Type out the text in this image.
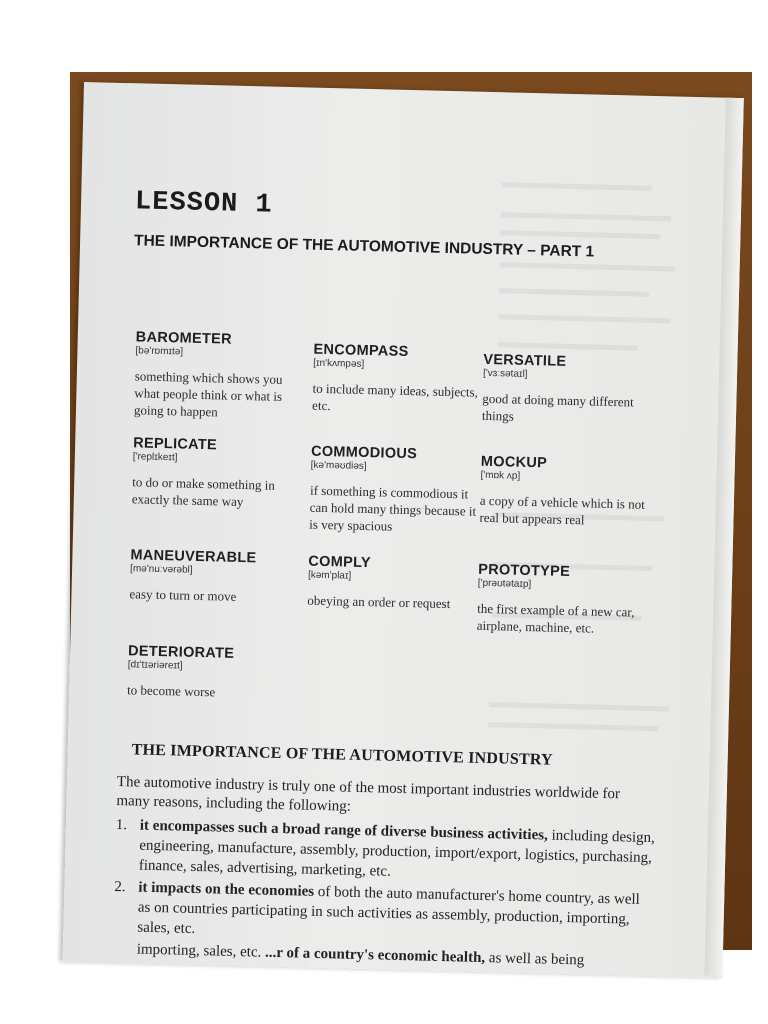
LESSON 1
THE IMPORTANCE OF THE AUTOMOTIVE INDUSTRY – PART 1
BAROMETER
[bə'rɒmɪtə]
something which shows you what people think or what is going to happen
ENCOMPASS
[ɪn'kʌmpəs]
to include many ideas, subjects, etc.
VERSATILE
['vɜːsətaɪl]
good at doing many different things
REPLICATE
['replɪkeɪt]
to do or make something in exactly the same way
COMMODIOUS
[kə'məʊdiəs]
if something is commodious it can hold many things because it is very spacious
MOCKUP
['mɒk ʌp]
a copy of a vehicle which is not real but appears real
MANEUVERABLE
[mə'nuːvərəbl]
easy to turn or move
COMPLY
[kəm'plaɪ]
obeying an order or request
PROTOTYPE
['prəʊtətaɪp]
the first example of a new car, airplane, machine, etc.
DETERIORATE
[dɪ'tɪəriəreɪt]
to become worse
THE IMPORTANCE OF THE AUTOMOTIVE INDUSTRY

The automotive industry is truly one of the most important industries worldwide for many reasons, including the following:

1. it encompasses such a broad range of diverse business activities, including design, engineering, manufacture, assembly, production, import/export, logistics, purchasing, finance, sales, advertising, marketing, etc.
2. it impacts on the economies of both the auto manufacturer's home country, as well as on countries participating in such activities as assembly, production, importing, sales, etc.
importing, sales, etc. ...r of a country's economic health, as well as being
